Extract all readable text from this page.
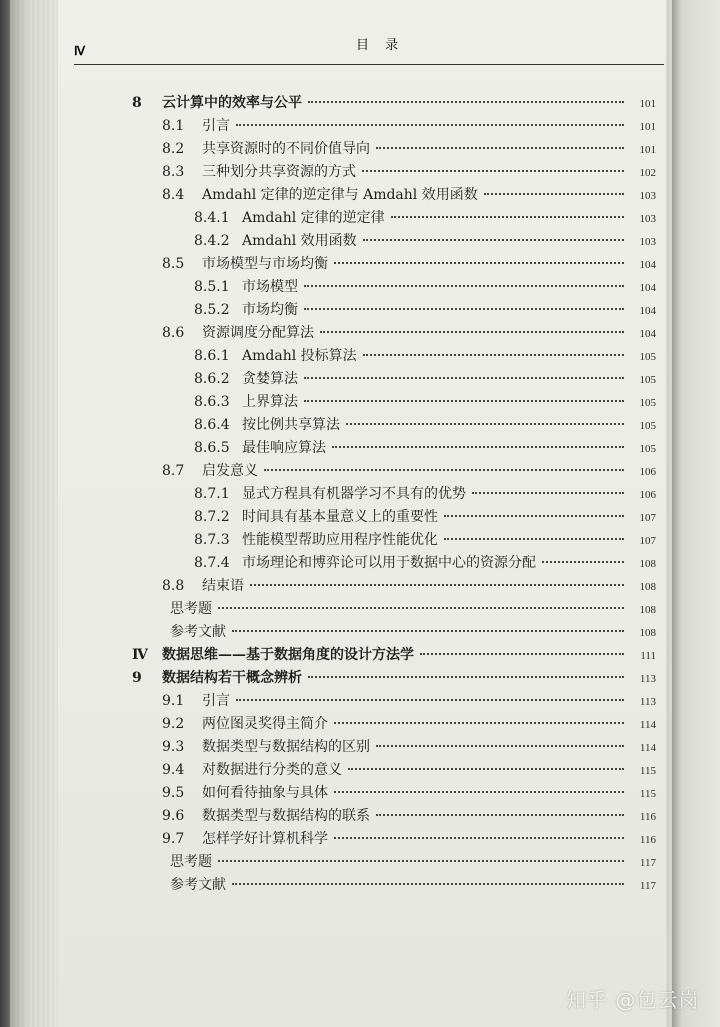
Ⅳ	目 录
8	云计算中的效率与公平	101
8.1	引言	101
8.2	共享资源时的不同价值导向	101
8.3	三种划分共享资源的方式	102
8.4	Amdahl 定律的逆定律与 Amdahl 效用函数	103
8.4.1 Amdahl 定律的逆定律	103
8.4.2 Amdahl 效用函数	103
8.5	市场模型与市场均衡	104
8.5.1 市场模型	104
8.5.2 市场均衡	104
8.6	资源调度分配算法	104
8.6.1 Amdahl 投标算法	105
8.6.2 贪婪算法	105
8.6.3 上界算法	105
8.6.4 按比例共享算法	105
8.6.5 最佳响应算法	105
8.7	启发意义	106
8.7.1 显式方程具有机器学习不具有的优势	106
8.7.2 时间具有基本量意义上的重要性	107
8.7.3 性能模型帮助应用程序性能优化	107
8.7.4 市场理论和博弈论可以用于数据中心的资源分配	108
8.8	结束语	108
思考题	108
参考文献	108
Ⅳ	数据思维——基于数据角度的设计方法学	111
9	数据结构若干概念辨析	113
9.1	引言	113
9.2	两位图灵奖得主简介	114
9.3	数据类型与数据结构的区别	114
9.4	对数据进行分类的意义	115
9.5	如何看待抽象与具体	115
9.6	数据类型与数据结构的联系	116
9.7	怎样学好计算机科学	116
思考题	117
参考文献	117
知乎 @包云岗
